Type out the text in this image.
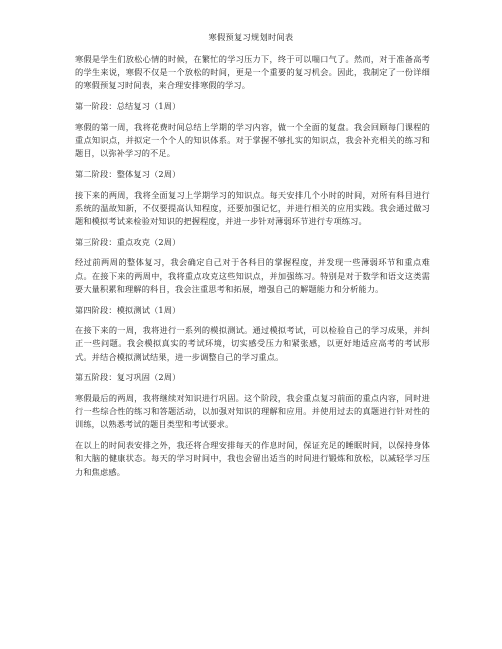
寒假预复习规划时间表

寒假是学生们放松心情的时候，在繁忙的学习压力下，终于可以喘口气了。然而，对于准备高考的学生来说，寒假不仅是一个放松的时间，更是一个重要的复习机会。因此，我制定了一份详细的寒假预复习时间表，来合理安排寒假的学习。

第一阶段：总结复习（1周）

寒假的第一周，我将花费时间总结上学期的学习内容，做一个全面的复盘。我会回顾每门课程的重点知识点，并拟定一个个人的知识体系。对于掌握不够扎实的知识点，我会补充相关的练习和题目，以弥补学习的不足。

第二阶段：整体复习（2周）

接下来的两周，我将全面复习上学期学习的知识点。每天安排几个小时的时间，对所有科目进行系统的温故知新，不仅要提高认知程度，还要加强记忆，并进行相关的应用实践。我会通过做习题和模拟考试来检验对知识的把握程度，并进一步针对薄弱环节进行专项练习。

第三阶段：重点攻克（2周）

经过前两周的整体复习，我会确定自己对于各科目的掌握程度，并发现一些薄弱环节和重点难点。在接下来的两周中，我将重点攻克这些知识点，并加强练习。特别是对于数学和语文这类需要大量积累和理解的科目，我会注重思考和拓展，增强自己的解题能力和分析能力。

第四阶段：模拟测试（1周）

在接下来的一周，我将进行一系列的模拟测试。通过模拟考试，可以检验自己的学习成果，并纠正一些问题。我会模拟真实的考试环境，切实感受压力和紧张感，以更好地适应高考的考试形式。并结合模拟测试结果，进一步调整自己的学习重点。

第五阶段：复习巩固（2周）

寒假最后的两周，我将继续对知识进行巩固。这个阶段，我会重点复习前面的重点内容，同时进行一些综合性的练习和答题活动，以加强对知识的理解和应用。并使用过去的真题进行针对性的训练，以熟悉考试的题目类型和考试要求。

在以上的时间表安排之外，我还将合理安排每天的作息时间，保证充足的睡眠时间，以保持身体和大脑的健康状态。每天的学习时间中，我也会留出适当的时间进行锻炼和放松，以减轻学习压力和焦虑感。
